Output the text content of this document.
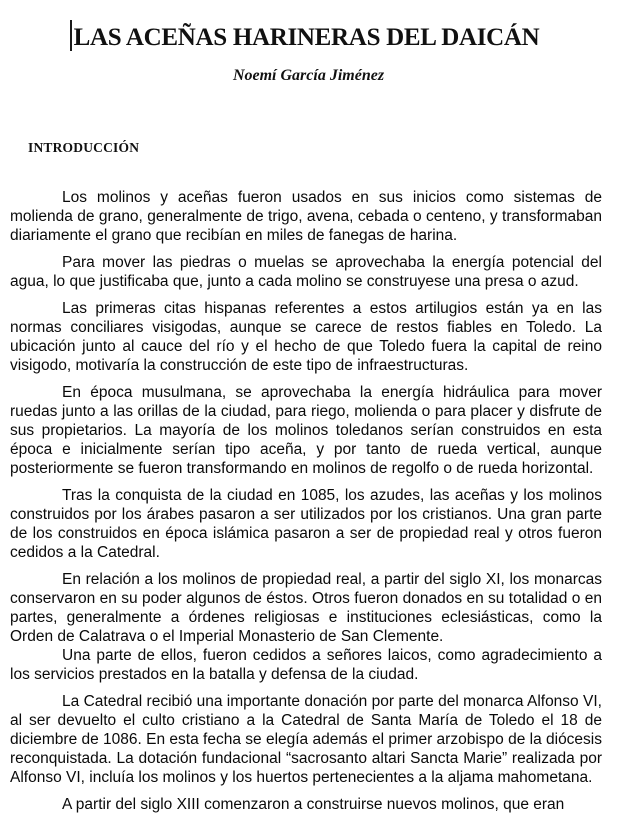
LAS ACEÑAS HARINERAS DEL DAICÁN

Noemí García Jiménez

INTRODUCCIÓN

Los molinos y aceñas fueron usados en sus inicios como sistemas de molienda de grano, generalmente de trigo, avena, cebada o centeno, y transformaban diariamente el grano que recibían en miles de fanegas de harina.

Para mover las piedras o muelas se aprovechaba la energía potencial del agua, lo que justificaba que, junto a cada molino se construyese una presa o azud.

Las primeras citas hispanas referentes a estos artilugios están ya en las normas conciliares visigodas, aunque se carece de restos fiables en Toledo. La ubicación junto al cauce del río y el hecho de que Toledo fuera la capital de reino visigodo, motivaría la construcción de este tipo de infraestructuras.

En época musulmana, se aprovechaba la energía hidráulica para mover ruedas junto a las orillas de la ciudad, para riego, molienda o para placer y disfrute de sus propietarios. La mayoría de los molinos toledanos serían construidos en esta época e inicialmente serían tipo aceña, y por tanto de rueda vertical, aunque posteriormente se fueron transformando en molinos de regolfo o de rueda horizontal.

Tras la conquista de la ciudad en 1085, los azudes, las aceñas y los molinos construidos por los árabes pasaron a ser utilizados por los cristianos. Una gran parte de los construidos en época islámica pasaron a ser de propiedad real y otros fueron cedidos a la Catedral.

En relación a los molinos de propiedad real, a partir del siglo XI, los monarcas conservaron en su poder algunos de éstos. Otros fueron donados en su totalidad o en partes, generalmente a órdenes religiosas e instituciones eclesiásticas, como la Orden de Calatrava o el Imperial Monasterio de San Clemente.

Una parte de ellos, fueron cedidos a señores laicos, como agradecimiento a los servicios prestados en la batalla y defensa de la ciudad.

La Catedral recibió una importante donación por parte del monarca Alfonso VI, al ser devuelto el culto cristiano a la Catedral de Santa María de Toledo el 18 de diciembre de 1086. En esta fecha se elegía además el primer arzobispo de la diócesis reconquistada. La dotación fundacional “sacrosanto altari Sancta Marie” realizada por Alfonso VI, incluía los molinos y los huertos pertenecientes a la aljama mahometana.

A partir del siglo XIII comenzaron a construirse nuevos molinos, que eran
